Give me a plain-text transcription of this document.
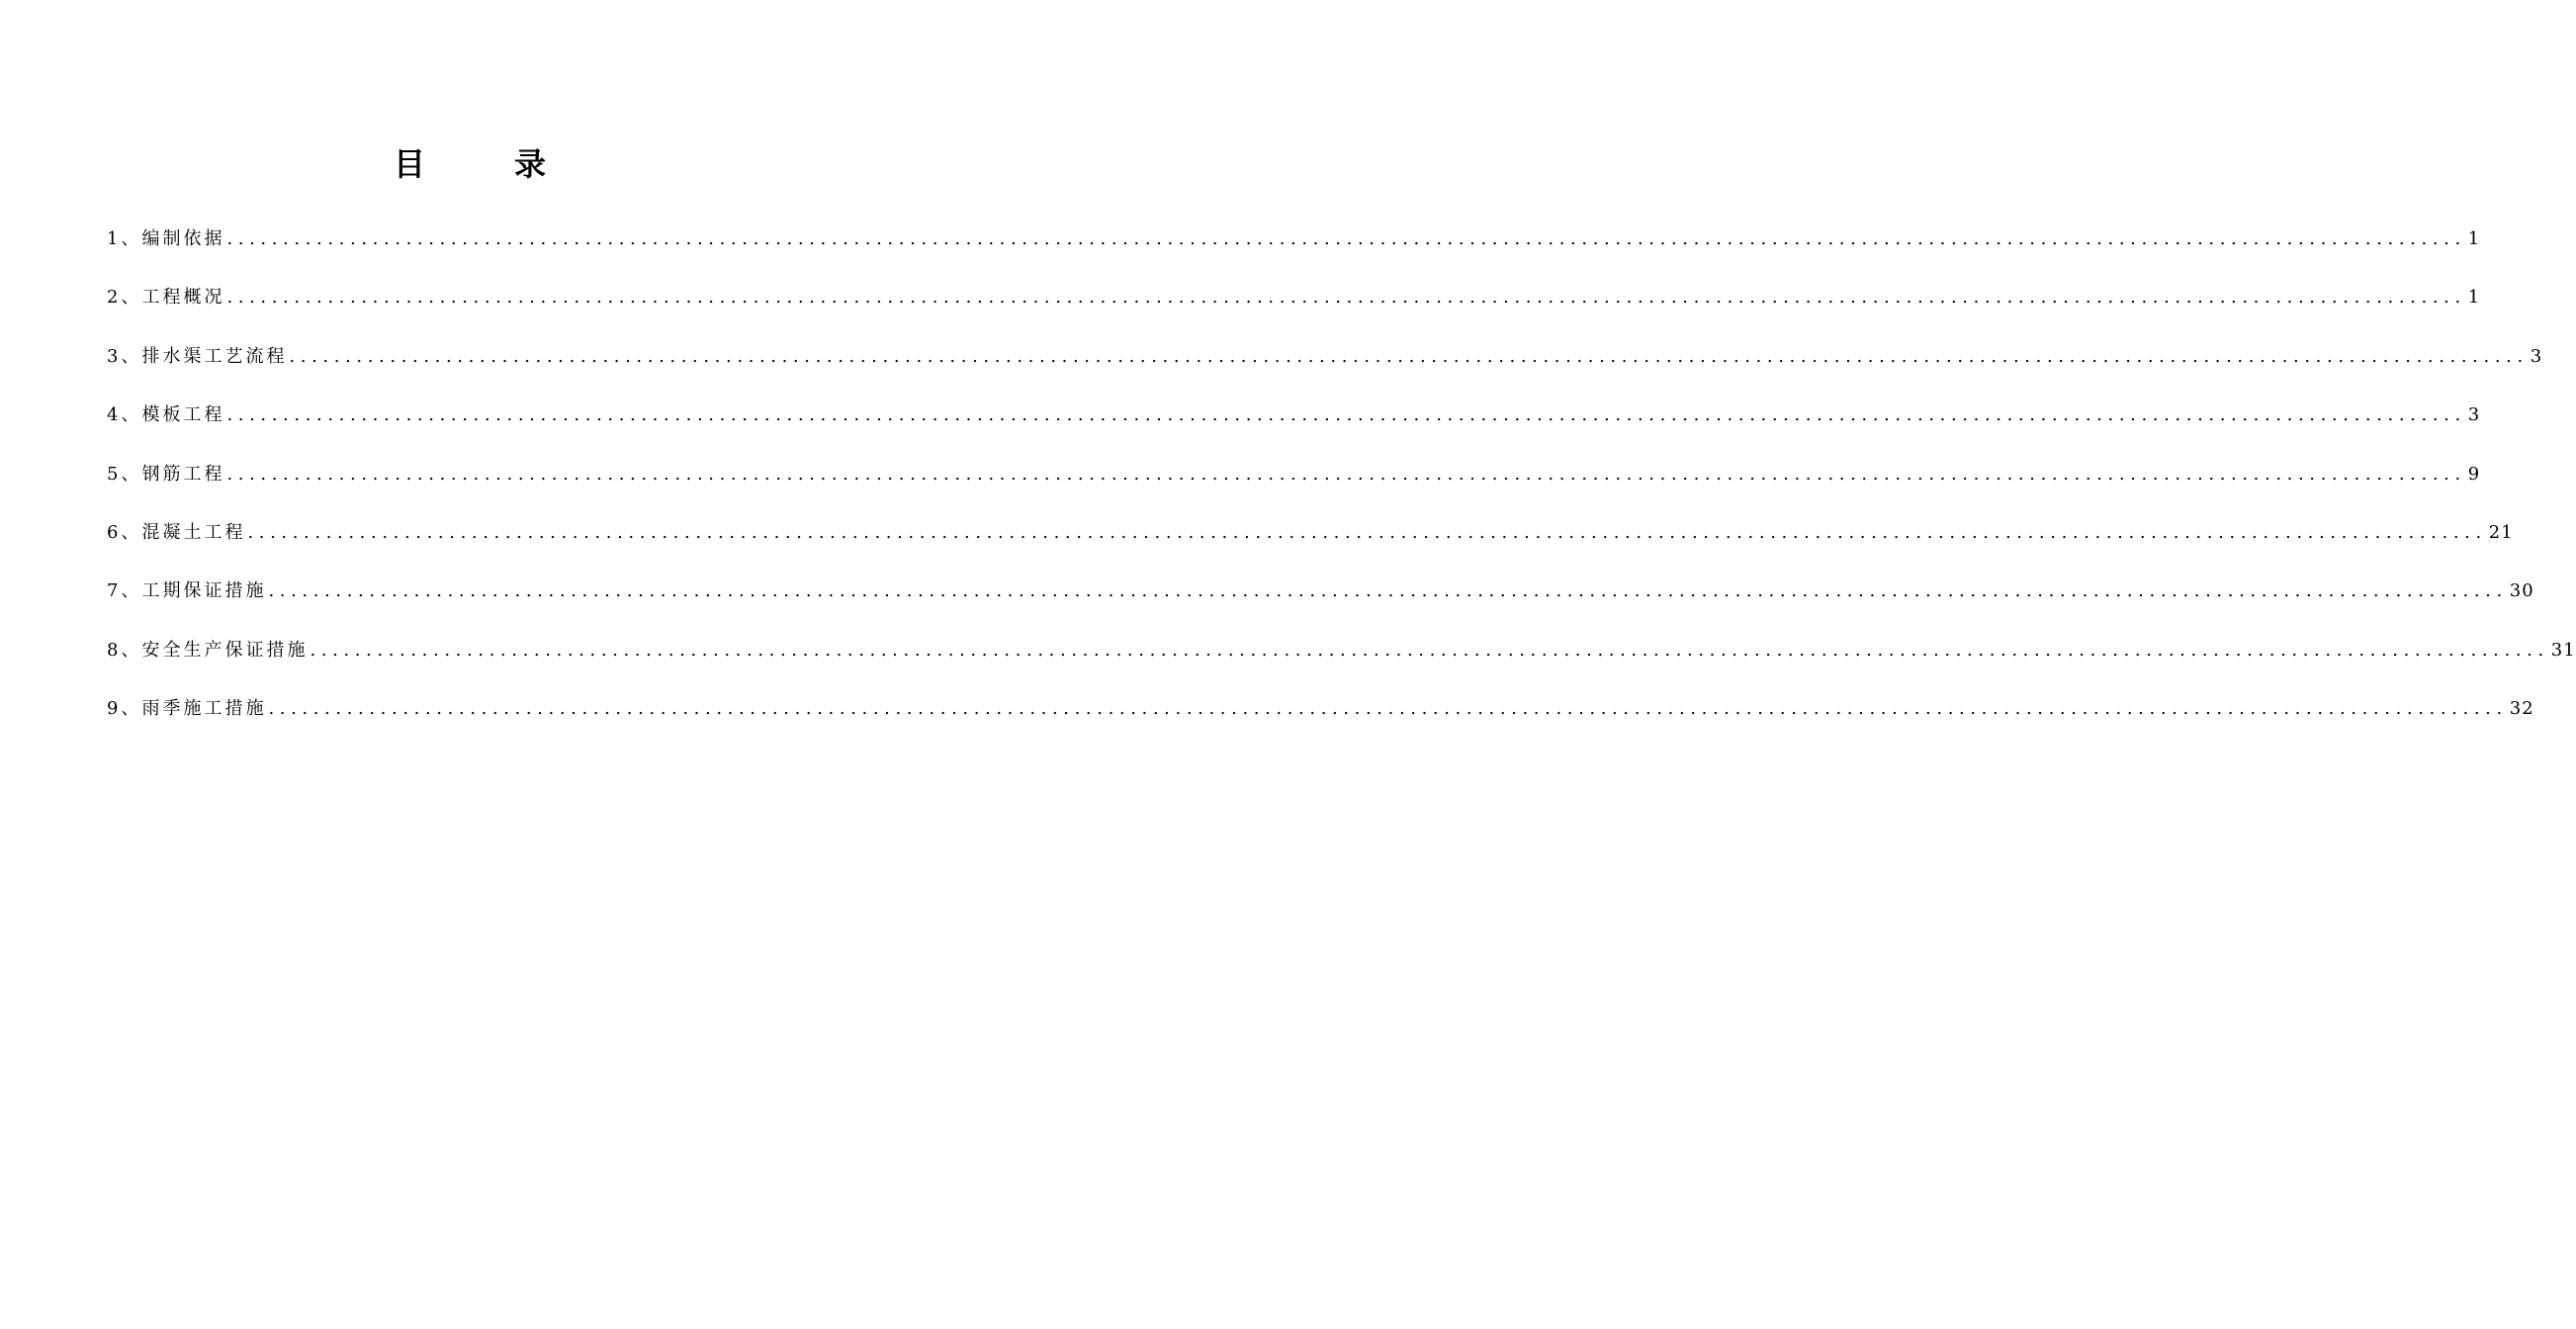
目	录
1、编制依据 ........................................................................................................................................................................................................ 1
2、工程概况 ........................................................................................................................................................................................................ 1
3、排水渠工艺流程 ........................................................................................................................................................................................................ 3
4、模板工程 ........................................................................................................................................................................................................ 3
5、钢筋工程 ........................................................................................................................................................................................................ 9
6、混凝土工程 ........................................................................................................................................................................................................ 21
7、工期保证措施 ........................................................................................................................................................................................................ 30
8、安全生产保证措施 ........................................................................................................................................................................................................ 31
9、雨季施工措施 ........................................................................................................................................................................................................ 32
